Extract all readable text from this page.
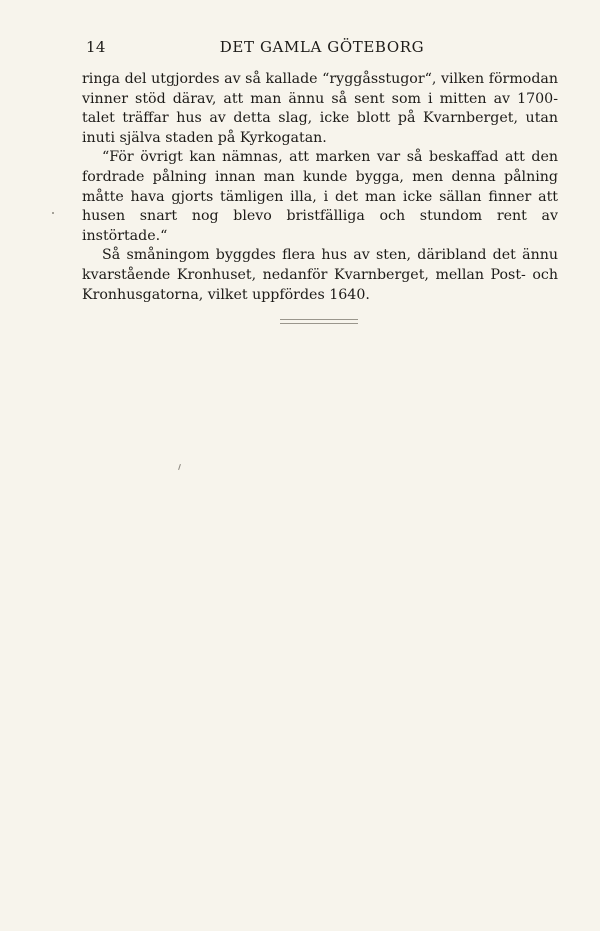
14	DET GAMLA GÖTEBORG

ringa del utgjordes av så kallade “ryggåsstugor“, vilken förmodan vinner stöd därav, att man ännu så sent som i mitten av 1700-talet träffar hus av detta slag, icke blott på Kvarnberget, utan inuti själva staden på Kyrkogatan.

“För övrigt kan nämnas, att marken var så beskaffad att den fordrade pålning innan man kunde bygga, men denna pålning måtte hava gjorts tämligen illa, i det man icke sällan finner att husen snart nog blevo bristfälliga och stundom rent av instörtade.“

Så småningom byggdes flera hus av sten, däribland det ännu kvarstående Kronhuset, nedanför Kvarnberget, mellan Post- och Kronhusgatorna, vilket uppfördes 1640.
